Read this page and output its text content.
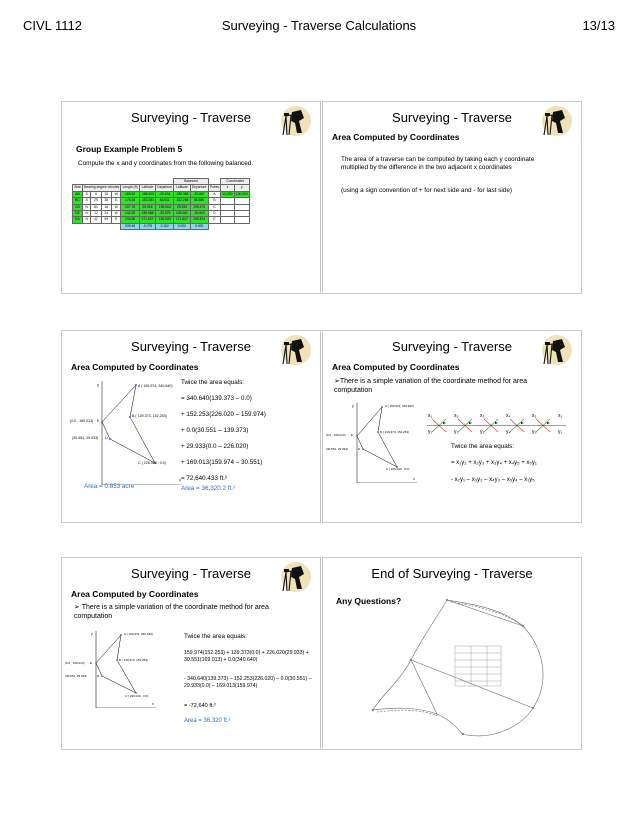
CIVL 1112	Surveying - Traverse Calculations	13/13
Surveying - Traverse
Group Example Problem 5
Compute the x and y coordinates from the following balanced.
								Balanced			Coordinates	
Side	Bearing degree minutes				Length (ft)	Latitude	Departure	Latitude	Departure	Points	x	y
AB	S	6	15	W	189.53	-188.403	-20.634	-188.388	-20.667	A	10,000	100,000
BC	S	29	38	E	175.18	-152.283	86.611	-152.268	86.580	B		
CD	N	81	18	W	197.78	29.916	195.504	29.933	195.470	C		
DE	N	12	24	W	142.39	139.068	-30.579	139.081	-30.603	D		
EA	N	42	59	E	234.58	171.607	159.933	171.627	159.874	E		
					939.46	-0.075	0.162	0.000	0.000			
Surveying - Traverse
Area Computed by Coordinates
The area of a traverse can be computed by taking each y coordinate multiplied by the difference in the two adjacent x coordinates
(using a sign convention of + for next side and - for last side)
Surveying - Traverse
Area Computed by Coordinates
y
x
A ( 159.974, 340.640)
B ( 139.373, 152.253)
C ( 226.020 , 0.0)
D
(30.551, 29.933)
E
(0.0 , 169.013)
Twice the area equals:
= 340.640(139.373 – 0.0)
+ 152.253(226.020 – 159.974)
+ 0.0(30.551 – 139.373)
+ 29.933(0.0 – 226.020)
+ 169.013(159.974 – 30.551)
= 72,640.433 ft.²
Area = 0.853 acre	Area = 36,320.2 ft.²
Surveying - Traverse
Area Computed by Coordinates
➢There is a simple variation of the coordinate method for area computation
y
x
A ( 159.974, 340.640)
B ( 139.373, 152.253)
C ( 226.020 , 0.0)
(30.551, 29.933)	D
(0.0 , 169.013) E
x₁	x₂	x₃	x₄	x₅	x₁
y₁	y₂	y₃	y₄	y₅	y₁
Twice the area equals:
= x₁y₂ + x₂y₃ + x₃y₄ + x₄y₅ + x₅y₁
- x₂y₁ – x₃y₂ – x₄y₃ – x₅y₄ – x₁y₅
Surveying - Traverse
Area Computed by Coordinates
➢ There is a simple variation of the coordinate method for area computation
y
x
A ( 159.974, 340.640)
B ( 139.373, 152.253)
C ( 226.020 , 0.0)
(30.551, 29.933)	D
(0.0 , 169.013) E
Twice the area equals:
159.974(152.253) + 139.373(0.0) + 226.020(29.933) + 30.551(169.013) + 0.0(340.640)
- 340.640(139.373) – 152.253(226.020) – 0.0(30.551) – 29.933(0.0) – 169.013(159.974)
= -72,640 ft.²
Area = 36,320 ft.²
End of Surveying - Traverse
Any Questions?
